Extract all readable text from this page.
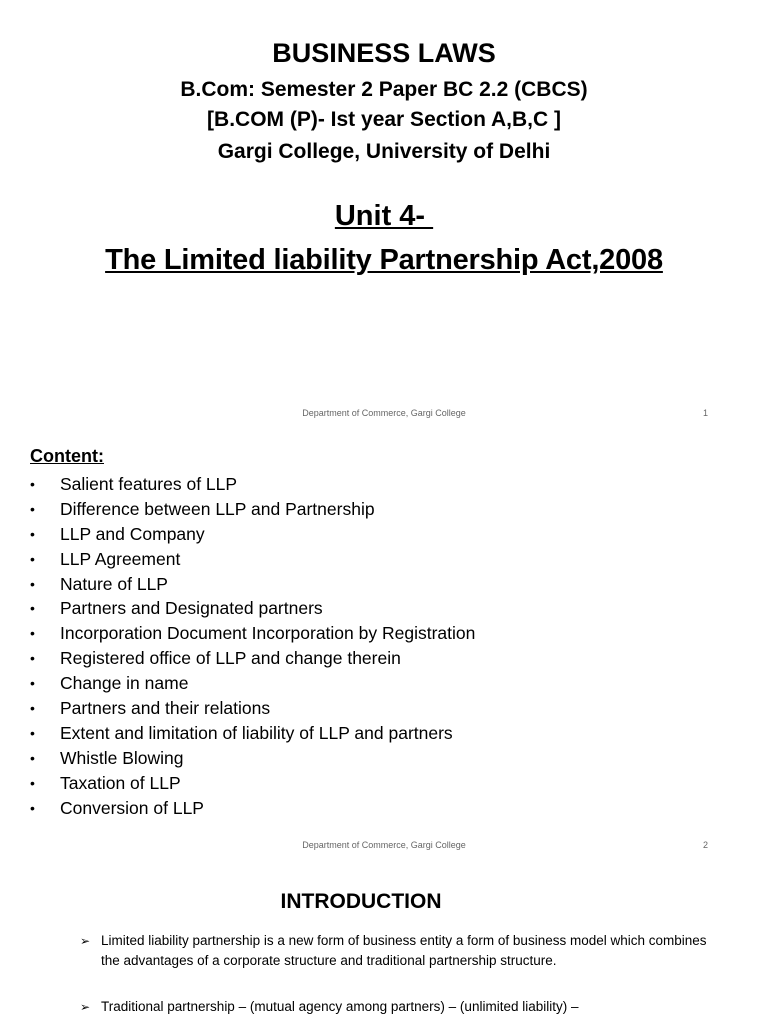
BUSINESS LAWS
B.Com: Semester 2 Paper BC 2.2 (CBCS)
[B.COM (P)- Ist year Section A,B,C ]
Gargi College, University of Delhi
Unit 4-
The Limited liability Partnership Act,2008
Department of Commerce, Gargi College	1
Content:
•	Salient features of LLP
•	Difference between LLP and Partnership
•	LLP and Company
•	LLP Agreement
•	Nature of LLP
•	Partners and Designated partners
•	Incorporation Document Incorporation by Registration
•	Registered office of LLP and change therein
•	Change in name
•	Partners and their relations
•	Extent and limitation of liability of LLP and partners
•	Whistle Blowing
•	Taxation of LLP
•	Conversion of LLP
Department of Commerce, Gargi College	2
INTRODUCTION
➢ Limited liability partnership is a new form of business entity a form of business model which combines the advantages of a corporate structure and traditional partnership structure.
➢ Traditional partnership – (mutual agency among partners) – (unlimited liability) –
